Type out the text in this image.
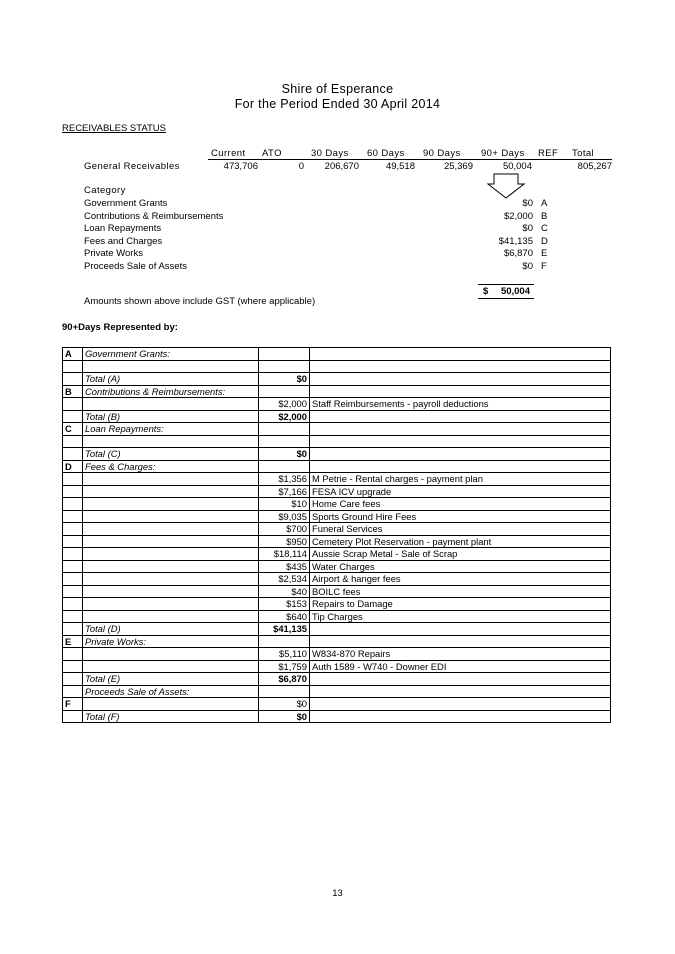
Shire of Esperance
For the Period Ended 30 April 2014
RECEIVABLES STATUS
Current ATO	30 Days 60 Days 90 Days 90+ Days REF Total
General Receivables	473,706	0	206,670	49,518	25,369	50,004	805,267
Category
Government Grants	$0 A
Contributions & Reimbursements	$2,000 B
Loan Repayments	$0 C
Fees and Charges	$41,135 D
Private Works	$6,870 E
Proceeds Sale of Assets	$0 F
$	50,004
Amounts shown above include GST (where applicable)
90+Days Represented by:
A	Government Grants:		

	Total (A)	$0	
B	Contributions & Reimbursements:		
		$2,000	Staff Reimbursements - payroll deductions
	Total (B)	$2,000	
C	Loan Repayments:		

	Total (C)	$0	
D	Fees & Charges:		
		$1,356	M Petrie - Rental charges - payment plan
		$7,166	FESA ICV upgrade
		$10	Home Care fees
		$9,035	Sports Ground Hire Fees
		$700	Funeral Services
		$950	Cemetery Plot Reservation - payment plant
		$18,114	Aussie Scrap Metal - Sale of Scrap
		$435	Water Charges
		$2,534	Airport & hanger fees
		$40	BOILC fees
		$153	Repairs to Damage
		$640	Tip Charges
	Total (D)	$41,135	
E	Private Works:		
		$5,110	W834-870 Repairs
		$1,759	Auth 1589 - W740 - Downer EDI
	Total (E)	$6,870	
	Proceeds Sale of Assets:		
F		$0	
	Total (F)	$0	
13
